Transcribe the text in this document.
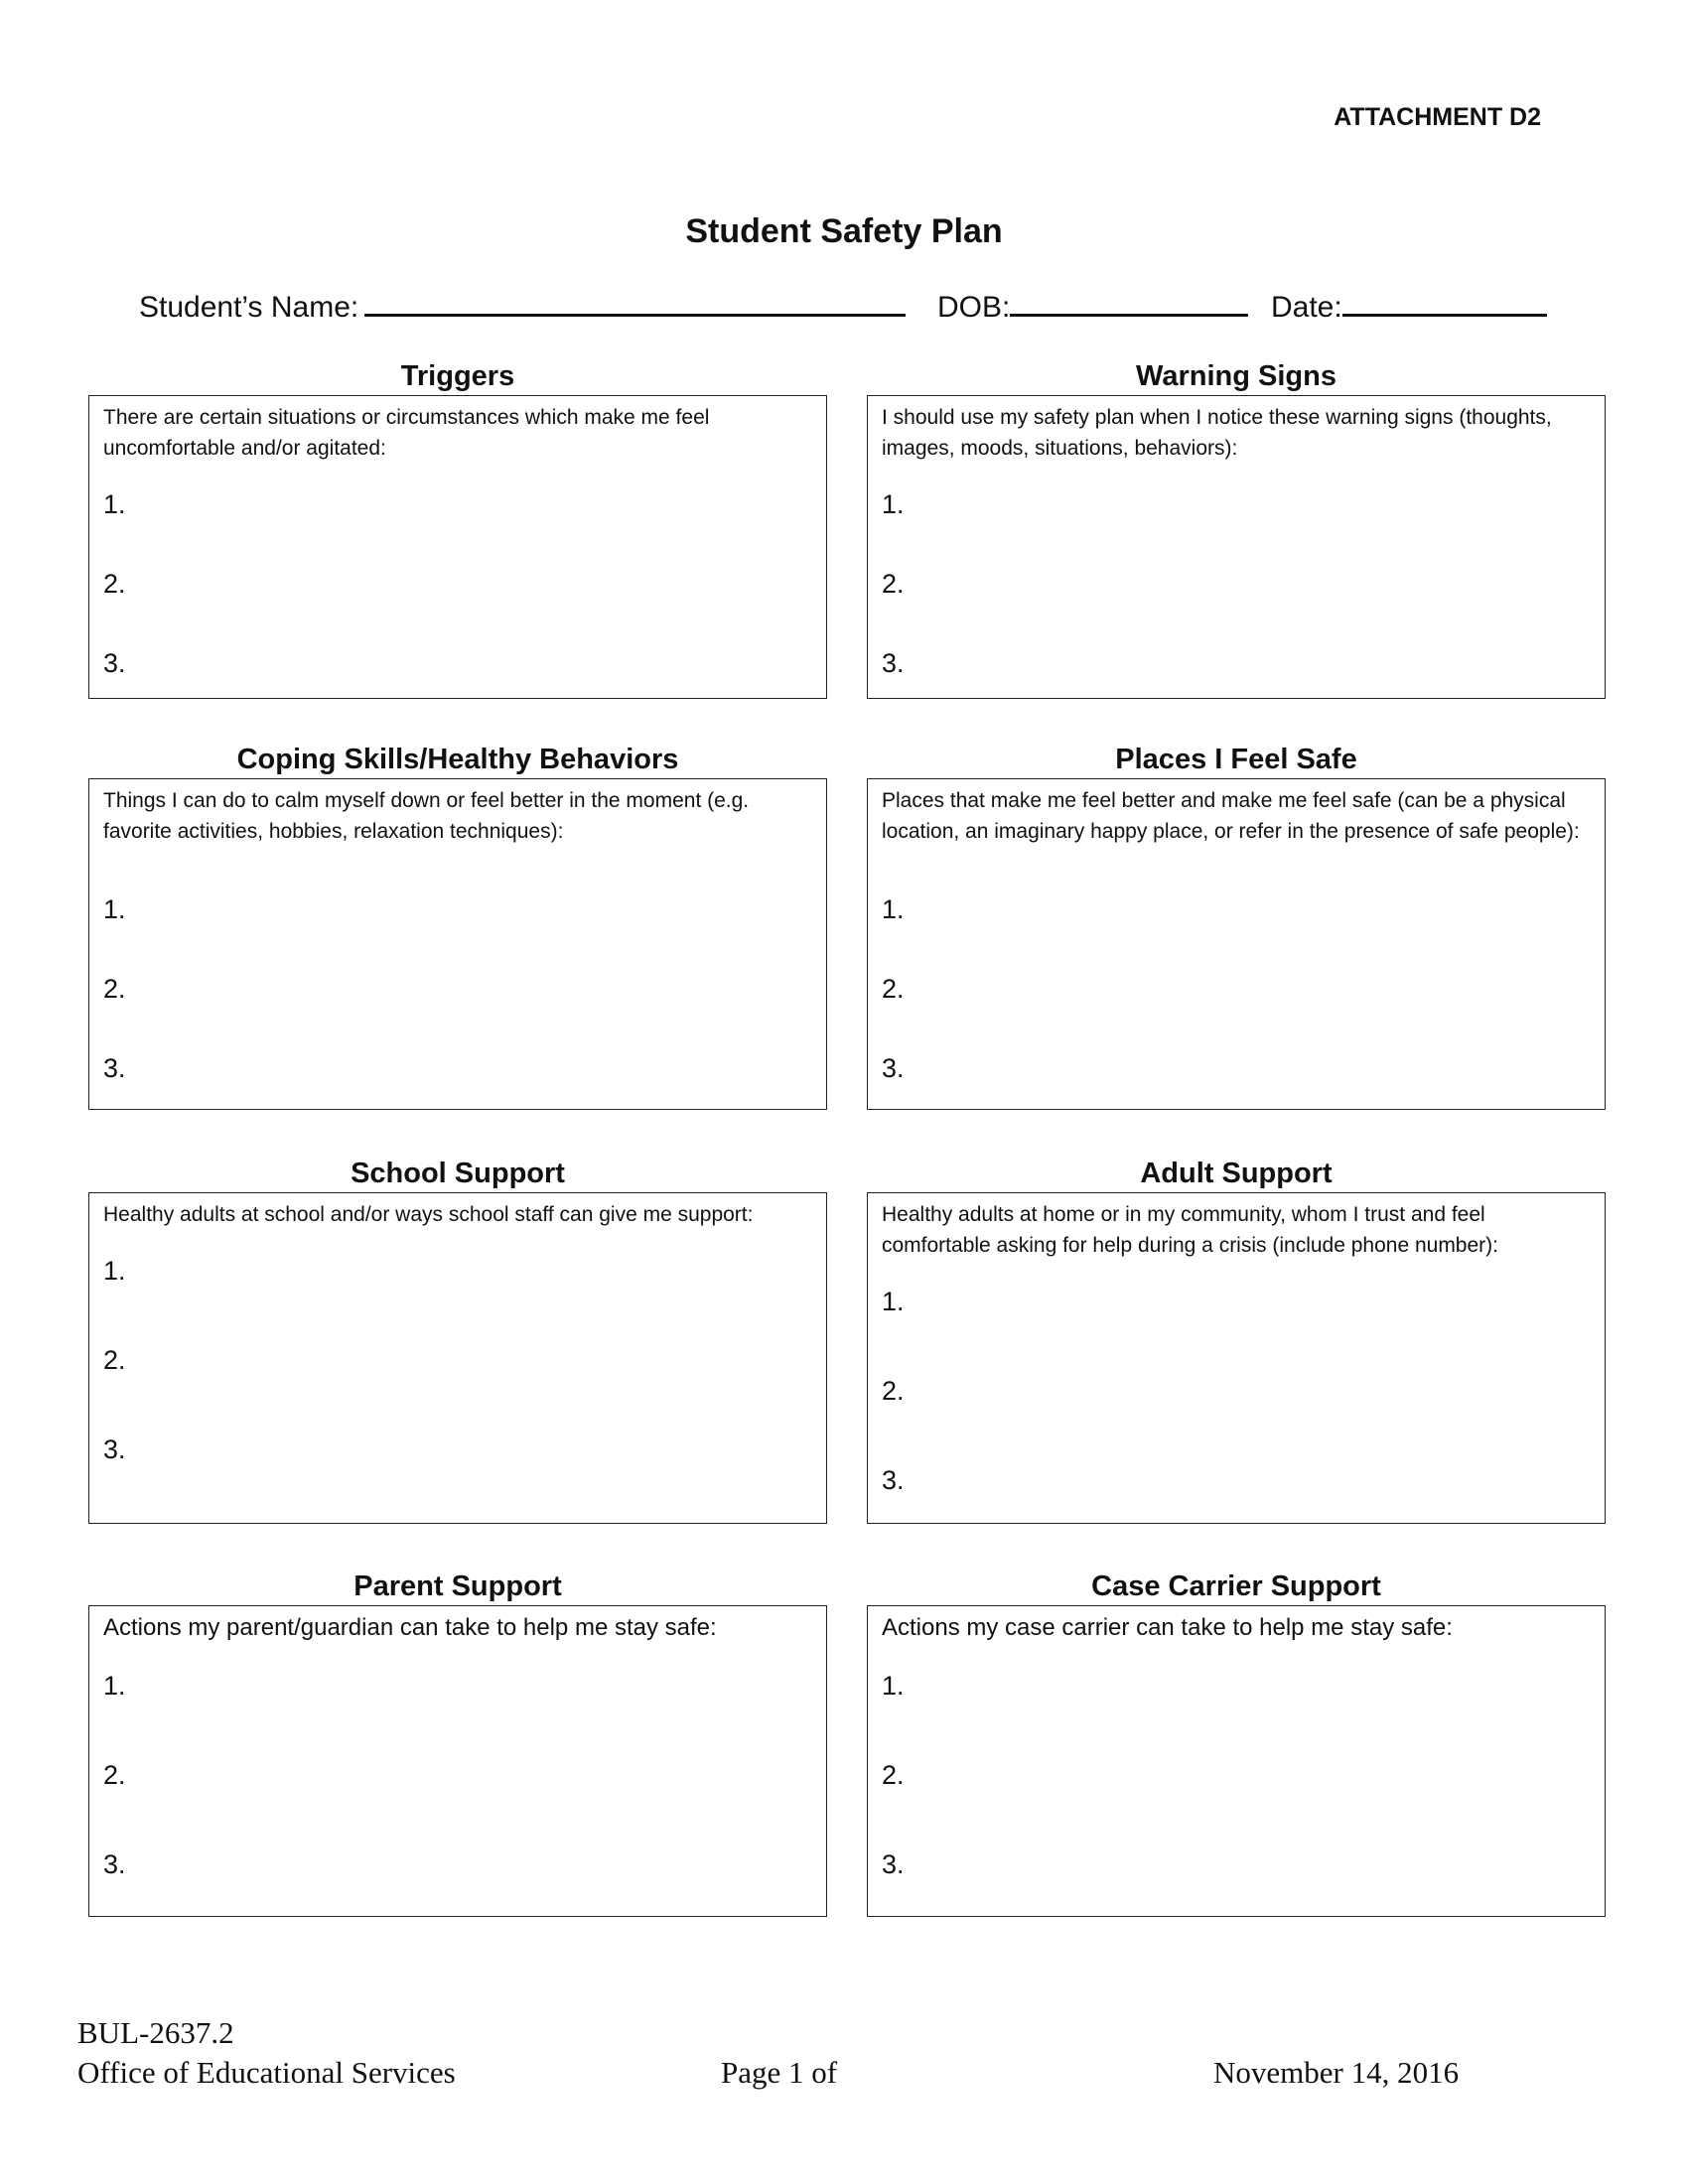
ATTACHMENT D2
Student Safety Plan
Student’s Name:	DOB:	Date:
Triggers
There are certain situations or circumstances which make me feel uncomfortable and/or agitated:
1.
2.
3.
Warning Signs
I should use my safety plan when I notice these warning signs (thoughts, images, moods, situations, behaviors):
1.
2.
3.
Coping Skills/Healthy Behaviors
Things I can do to calm myself down or feel better in the moment (e.g. favorite activities, hobbies, relaxation techniques):
1.
2.
3.
Places I Feel Safe
Places that make me feel better and make me feel safe (can be a physical location, an imaginary happy place, or refer in the presence of safe people):
1.
2.
3.
School Support
Healthy adults at school and/or ways school staff can give me support:
1.
2.
3.
Adult Support
Healthy adults at home or in my community, whom I trust and feel comfortable asking for help during a crisis (include phone number):
1.
2.
3.
Parent Support
Actions my parent/guardian can take to help me stay safe:
1.
2.
3.
Case Carrier Support
Actions my case carrier can take to help me stay safe:
1.
2.
3.
BUL-2637.2
Office of Educational Services	Page 1 of	November 14, 2016
